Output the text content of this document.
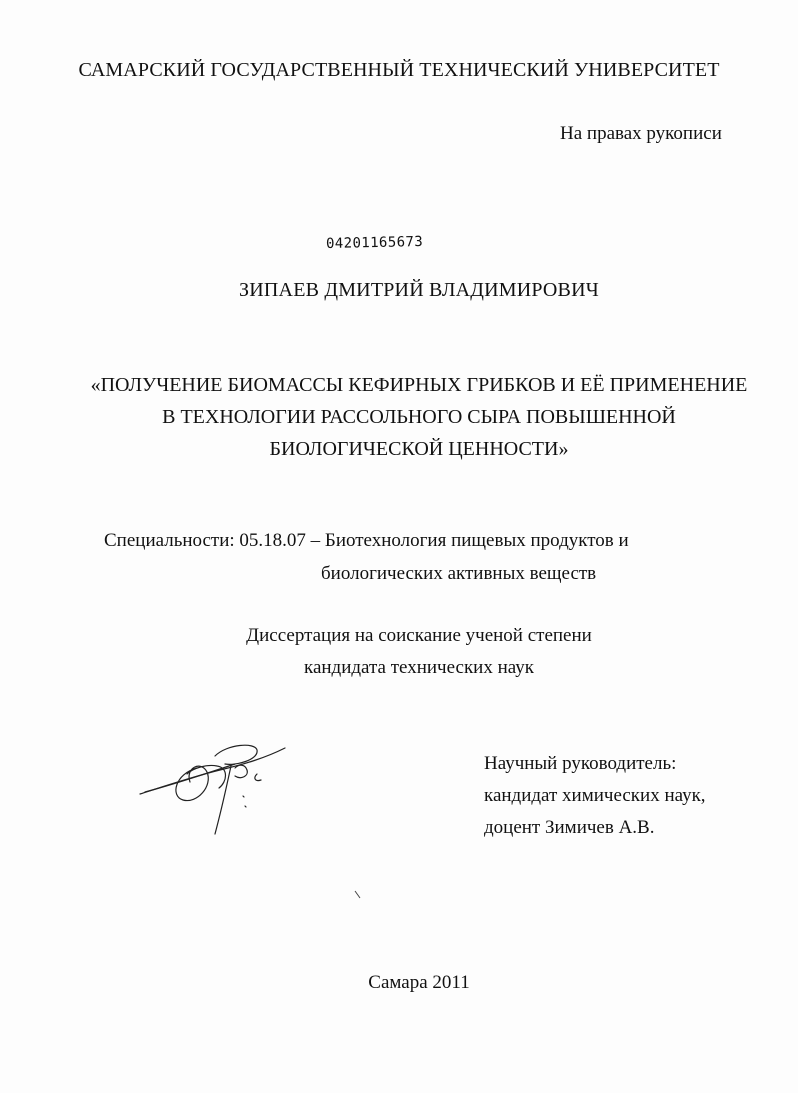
САМАРСКИЙ ГОСУДАРСТВЕННЫЙ ТЕХНИЧЕСКИЙ УНИВЕРСИТЕТ
На правах рукописи
04201165673
ЗИПАЕВ ДМИТРИЙ ВЛАДИМИРОВИЧ
«ПОЛУЧЕНИЕ БИОМАССЫ КЕФИРНЫХ ГРИБКОВ И ЕЁ ПРИМЕНЕНИЕ
В ТЕХНОЛОГИИ РАССОЛЬНОГО СЫРА ПОВЫШЕННОЙ
БИОЛОГИЧЕСКОЙ ЦЕННОСТИ»
Специальности: 05.18.07 – Биотехнология пищевых продуктов и
биологических активных веществ
Диссертация на соискание ученой степени
кандидата технических наук
Научный руководитель:
кандидат химических наук,
доцент Зимичев А.В.
Самара 2011
